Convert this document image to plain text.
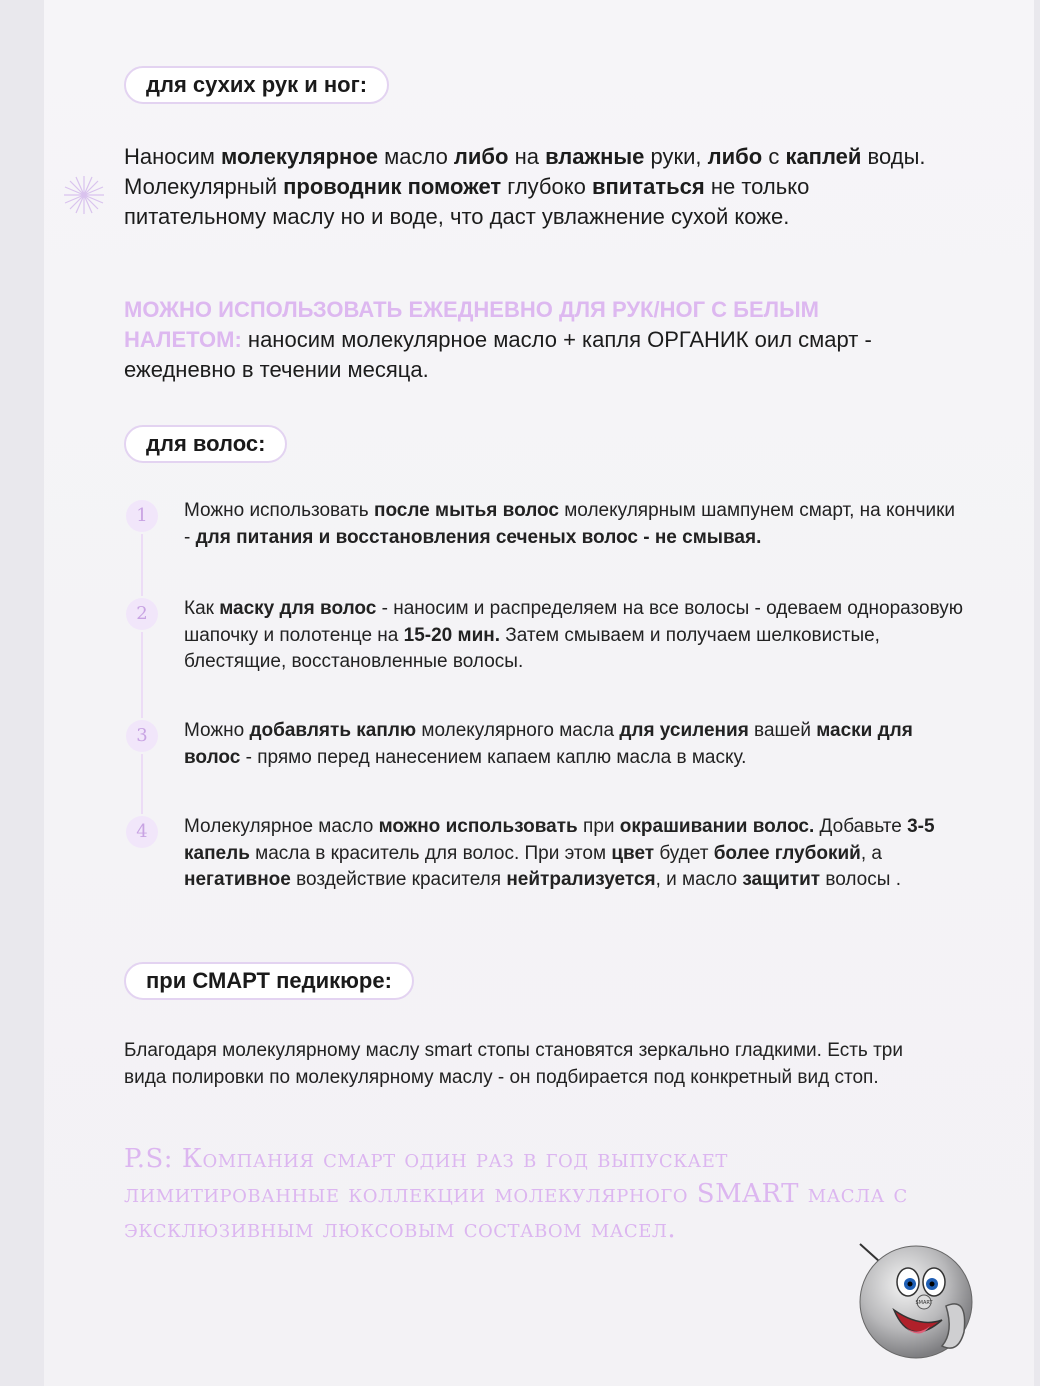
для сухих рук и ног:
Наносим молекулярное масло либо на влажные руки, либо с каплей воды. Молекулярный проводник поможет глубоко впитаться не только питательному маслу но и воде, что даст увлажнение сухой коже.
МОЖНО ИСПОЛЬЗОВАТЬ ЕЖЕДНЕВНО ДЛЯ РУК/НОГ С БЕЛЫМ НАЛЕТОМ: наносим молекулярное масло + капля ОРГАНИК оил смарт - ежедневно в течении месяца.
для волос:
1	Можно использовать после мытья волос молекулярным шампунем смарт, на кончики - для питания и восстановления сеченых волос - не смывая.
2	Как маску для волос - наносим и распределяем на все волосы - одеваем одноразовую шапочку и полотенце на 15-20 мин. Затем смываем и получаем шелковистые, блестящие, восстановленные волосы.
3	Можно добавлять каплю молекулярного масла для усиления вашей маски для волос - прямо перед нанесением капаем каплю масла в маску.
4	Молекулярное масло можно использовать при окрашивании волос. Добавьте 3-5 капель масла в краситель для волос. При этом цвет будет более глубокий, а негативное воздействие красителя нейтрализуется, и масло защитит волосы .
при СМАРТ педикюре:
Благодаря молекулярному маслу smart стопы становятся зеркально гладкими. Есть три вида полировки по молекулярному маслу - он подбирается под конкретный вид стоп.
P.S: Компания смарт один раз в год выпускает лимитированные коллекции молекулярного SMART масла с эксклюзивным люксовым составом масел.
SMART
